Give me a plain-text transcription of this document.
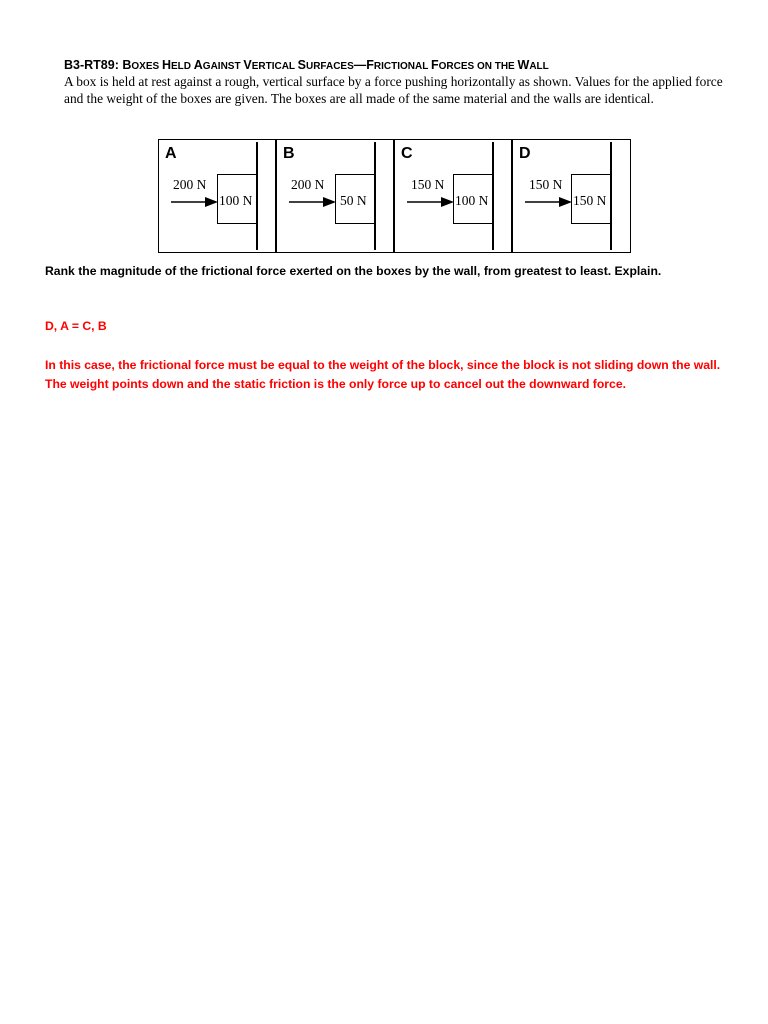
B3-RT89: BOXES HELD AGAINST VERTICAL SURFACES—FRICTIONAL FORCES ON THE WALL

A box is held at rest against a rough, vertical surface by a force pushing horizontally as shown. Values for the applied force and the weight of the boxes are given. The boxes are all made of the same material and the walls are identical.

A
200 N
100 N
B
200 N
50 N
C
150 N
100 N
D
150 N
150 N

Rank the magnitude of the frictional force exerted on the boxes by the wall, from greatest to least. Explain.

D, A = C, B

In this case, the frictional force must be equal to the weight of the block, since the block is not sliding down the wall. The weight points down and the static friction is the only force up to cancel out the downward force.
